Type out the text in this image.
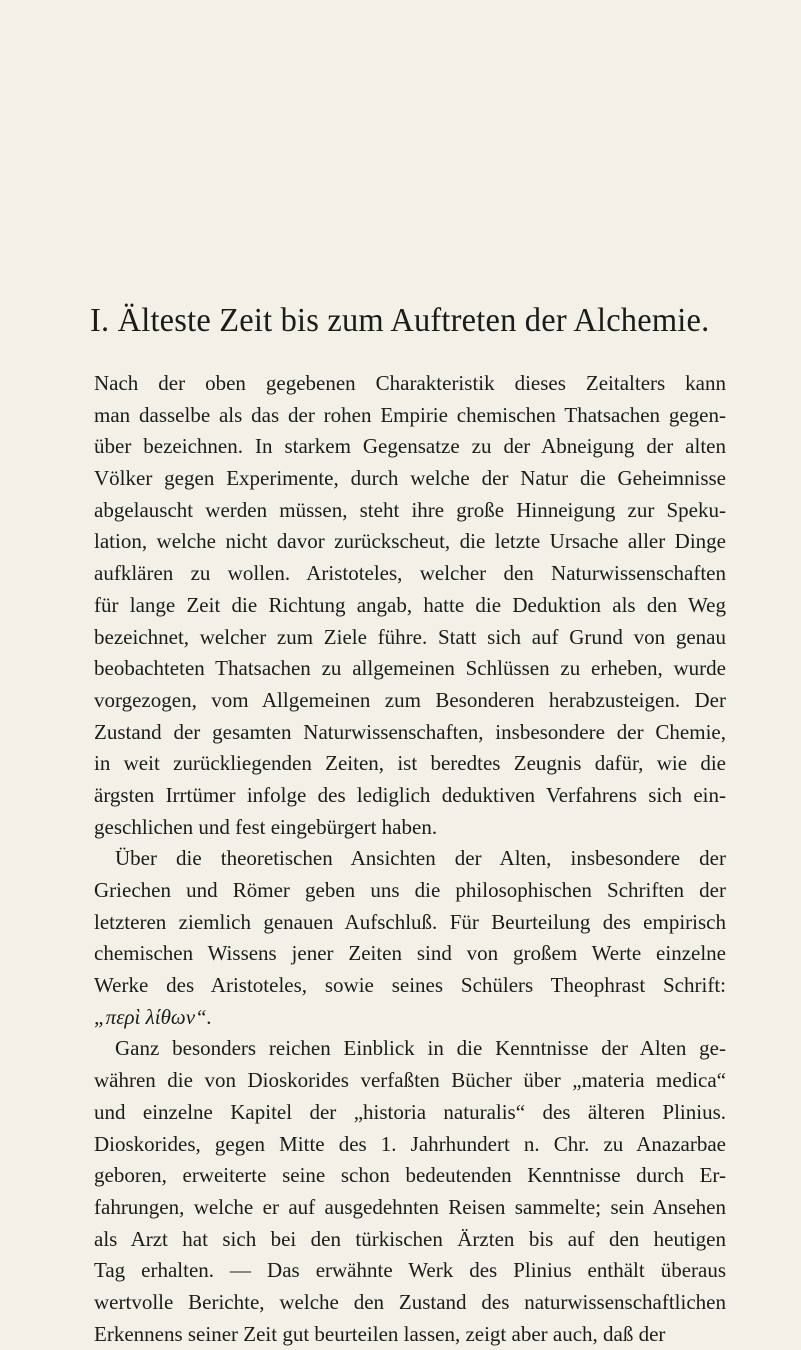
I. Älteste Zeit bis zum Auftreten der Alchemie.
Nach der oben gegebenen Charakteristik dieses Zeitalters kann
man dasselbe als das der rohen Empirie chemischen Thatsachen gegen-
über bezeichnen. In starkem Gegensatze zu der Abneigung der alten
Völker gegen Experimente, durch welche der Natur die Geheimnisse
abgelauscht werden müssen, steht ihre große Hinneigung zur Speku-
lation, welche nicht davor zurückscheut, die letzte Ursache aller Dinge
aufklären zu wollen. Aristoteles, welcher den Naturwissenschaften
für lange Zeit die Richtung angab, hatte die Deduktion als den Weg
bezeichnet, welcher zum Ziele führe. Statt sich auf Grund von genau
beobachteten Thatsachen zu allgemeinen Schlüssen zu erheben, wurde
vorgezogen, vom Allgemeinen zum Besonderen herabzusteigen. Der
Zustand der gesamten Naturwissenschaften, insbesondere der Chemie,
in weit zurückliegenden Zeiten, ist beredtes Zeugnis dafür, wie die
ärgsten Irrtümer infolge des lediglich deduktiven Verfahrens sich ein-
geschlichen und fest eingebürgert haben.
Über die theoretischen Ansichten der Alten, insbesondere der
Griechen und Römer geben uns die philosophischen Schriften der
letzteren ziemlich genauen Aufschluß. Für Beurteilung des empirisch
chemischen Wissens jener Zeiten sind von großem Werte einzelne
Werke des Aristoteles, sowie seines Schülers Theophrast Schrift:
„περὶ λίθων“.
Ganz besonders reichen Einblick in die Kenntnisse der Alten ge-
währen die von Dioskorides verfaßten Bücher über „materia medica“
und einzelne Kapitel der „historia naturalis“ des älteren Plinius.
Dioskorides, gegen Mitte des 1. Jahrhundert n. Chr. zu Anazarbae
geboren, erweiterte seine schon bedeutenden Kenntnisse durch Er-
fahrungen, welche er auf ausgedehnten Reisen sammelte; sein Ansehen
als Arzt hat sich bei den türkischen Ärzten bis auf den heutigen
Tag erhalten. — Das erwähnte Werk des Plinius enthält überaus
wertvolle Berichte, welche den Zustand des naturwissenschaftlichen
Erkennens seiner Zeit gut beurteilen lassen, zeigt aber auch, daß der
